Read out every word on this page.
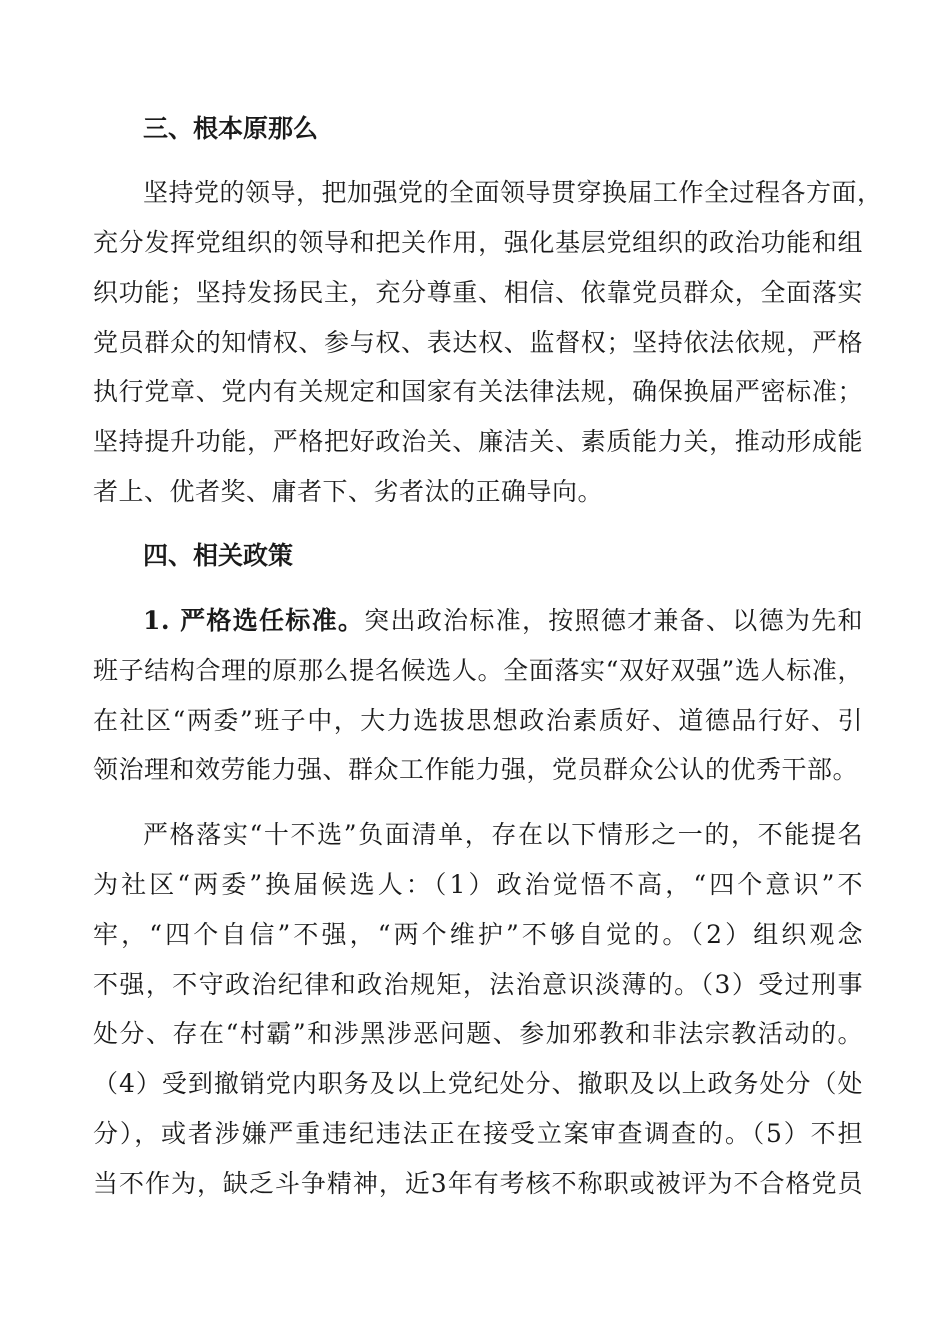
三、根本原那么
坚持党的领导，把加强党的全面领导贯穿换届工作全过程各方面，
充分发挥党组织的领导和把关作用，强化基层党组织的政治功能和组
织功能；坚持发扬民主，充分尊重、相信、依靠党员群众，全面落实
党员群众的知情权、参与权、表达权、监督权；坚持依法依规，严格
执行党章、党内有关规定和国家有关法律法规，确保换届严密标准；
坚持提升功能，严格把好政治关、廉洁关、素质能力关，推动形成能
者上、优者奖、庸者下、劣者汰的正确导向。
四、相关政策
1. 严格选任标准。突出政治标准，按照德才兼备、以德为先和
班子结构合理的原那么提名候选人。全面落实“双好双强”选人标准，
在社区“两委”班子中，大力选拔思想政治素质好、道德品行好、引
领治理和效劳能力强、群众工作能力强，党员群众公认的优秀干部。
严格落实“十不选”负面清单，存在以下情形之一的，不能提名
为社区“两委”换届候选人：（1）政治觉悟不高，“四个意识”不
牢，“四个自信”不强，“两个维护”不够自觉的。（2）组织观念
不强，不守政治纪律和政治规矩，法治意识淡薄的。（3）受过刑事
处分、存在“村霸”和涉黑涉恶问题、参加邪教和非法宗教活动的。
（4）受到撤销党内职务及以上党纪处分、撤职及以上政务处分（处
分），或者涉嫌严重违纪违法正在接受立案审查调查的。（5）不担
当不作为，缺乏斗争精神，近3年有考核不称职或被评为不合格党员
